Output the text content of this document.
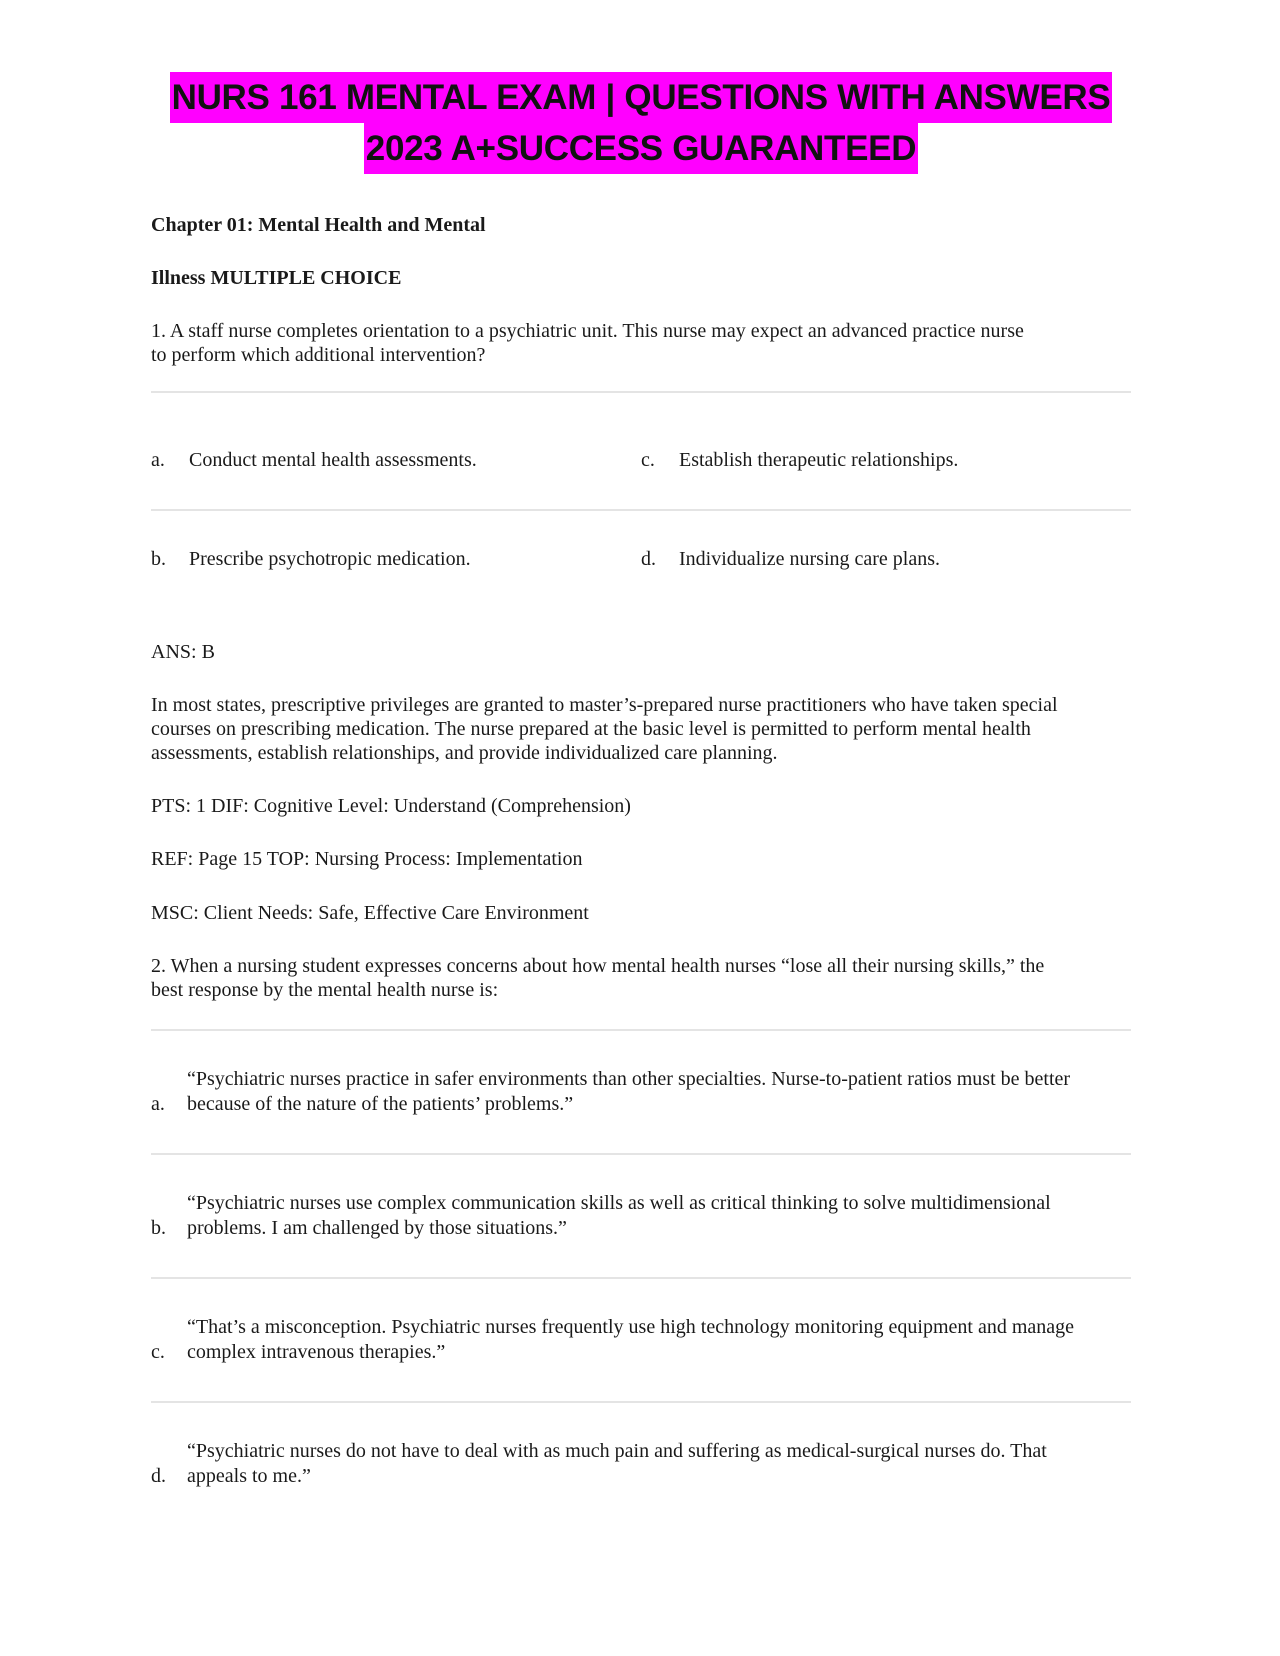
NURS 161 MENTAL EXAM | QUESTIONS WITH ANSWERS
2023 A+SUCCESS GUARANTEED

Chapter 01: Mental Health and Mental

Illness MULTIPLE CHOICE

1. A staff nurse completes orientation to a psychiatric unit. This nurse may expect an advanced practice nurse

to perform which additional intervention?

a. Conduct mental health assessments.	c. Establish therapeutic relationships.
b. Prescribe psychotropic medication.	d. Individualize nursing care plans.

ANS: B

In most states, prescriptive privileges are granted to master’s-prepared nurse practitioners who have taken special

courses on prescribing medication. The nurse prepared at the basic level is permitted to perform mental health

assessments, establish relationships, and provide individualized care planning.

PTS: 1 DIF: Cognitive Level: Understand (Comprehension)

REF: Page 15 TOP: Nursing Process: Implementation

MSC: Client Needs: Safe, Effective Care Environment

2. When a nursing student expresses concerns about how mental health nurses “lose all their nursing skills,” the

best response by the mental health nurse is:

a.
“Psychiatric nurses practice in safer environments than other specialties. Nurse-to-patient ratios must be better
because of the nature of the patients’ problems.”
b.
“Psychiatric nurses use complex communication skills as well as critical thinking to solve multidimensional
problems. I am challenged by those situations.”
c.
“That’s a misconception. Psychiatric nurses frequently use high technology monitoring equipment and manage
complex intravenous therapies.”
d.
“Psychiatric nurses do not have to deal with as much pain and suffering as medical-surgical nurses do. That
appeals to me.”
